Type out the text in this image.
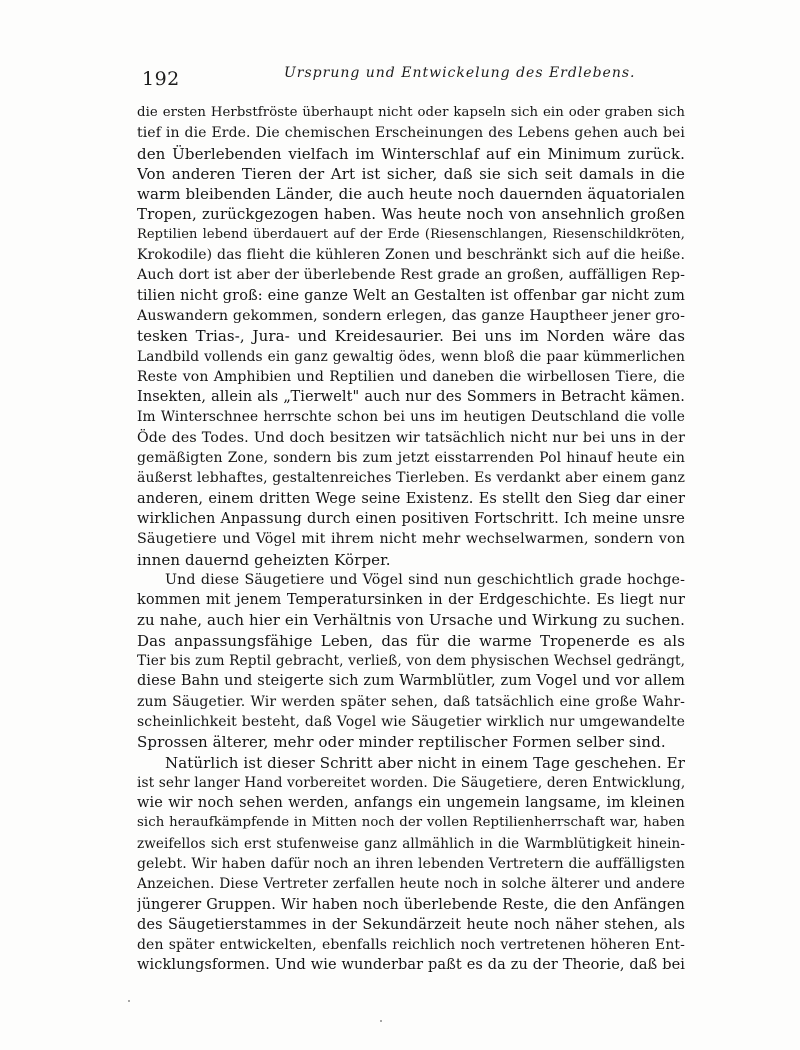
192	Ursprung und Entwickelung des Erdlebens.
die ersten Herbstfröste überhaupt nicht oder kapseln sich ein oder graben sich
tief in die Erde. Die chemischen Erscheinungen des Lebens gehen auch bei
den Überlebenden vielfach im Winterschlaf auf ein Minimum zurück.
Von anderen Tieren der Art ist sicher, daß sie sich seit damals in die
warm bleibenden Länder, die auch heute noch dauernden äquatorialen
Tropen, zurückgezogen haben. Was heute noch von ansehnlich großen
Reptilien lebend überdauert auf der Erde (Riesenschlangen, Riesenschildkröten,
Krokodile) das flieht die kühleren Zonen und beschränkt sich auf die heiße.
Auch dort ist aber der überlebende Rest grade an großen, auffälligen Rep-
tilien nicht groß: eine ganze Welt an Gestalten ist offenbar gar nicht zum
Auswandern gekommen, sondern erlegen, das ganze Hauptheer jener gro-
tesken Trias-, Jura- und Kreidesaurier. Bei uns im Norden wäre das
Landbild vollends ein ganz gewaltig ödes, wenn bloß die paar kümmerlichen
Reste von Amphibien und Reptilien und daneben die wirbellosen Tiere, die
Insekten, allein als „Tierwelt" auch nur des Sommers in Betracht kämen.
Im Winterschnee herrschte schon bei uns im heutigen Deutschland die volle
Öde des Todes. Und doch besitzen wir tatsächlich nicht nur bei uns in der
gemäßigten Zone, sondern bis zum jetzt eisstarrenden Pol hinauf heute ein
äußerst lebhaftes, gestaltenreiches Tierleben. Es verdankt aber einem ganz
anderen, einem dritten Wege seine Existenz. Es stellt den Sieg dar einer
wirklichen Anpassung durch einen positiven Fortschritt. Ich meine unsre
Säugetiere und Vögel mit ihrem nicht mehr wechselwarmen, sondern von
innen dauernd geheizten Körper.
Und diese Säugetiere und Vögel sind nun geschichtlich grade hochge-
kommen mit jenem Temperatursinken in der Erdgeschichte. Es liegt nur
zu nahe, auch hier ein Verhältnis von Ursache und Wirkung zu suchen.
Das anpassungsfähige Leben, das für die warme Tropenerde es als
Tier bis zum Reptil gebracht, verließ, von dem physischen Wechsel gedrängt,
diese Bahn und steigerte sich zum Warmblütler, zum Vogel und vor allem
zum Säugetier. Wir werden später sehen, daß tatsächlich eine große Wahr-
scheinlichkeit besteht, daß Vogel wie Säugetier wirklich nur umgewandelte
Sprossen älterer, mehr oder minder reptilischer Formen selber sind.
Natürlich ist dieser Schritt aber nicht in einem Tage geschehen. Er
ist sehr langer Hand vorbereitet worden. Die Säugetiere, deren Entwicklung,
wie wir noch sehen werden, anfangs ein ungemein langsame, im kleinen
sich heraufkämpfende in Mitten noch der vollen Reptilienherrschaft war, haben
zweifellos sich erst stufenweise ganz allmählich in die Warmblütigkeit hinein-
gelebt. Wir haben dafür noch an ihren lebenden Vertretern die auffälligsten
Anzeichen. Diese Vertreter zerfallen heute noch in solche älterer und andere
jüngerer Gruppen. Wir haben noch überlebende Reste, die den Anfängen
des Säugetierstammes in der Sekundärzeit heute noch näher stehen, als
den später entwickelten, ebenfalls reichlich noch vertretenen höheren Ent-
wicklungsformen. Und wie wunderbar paßt es da zu der Theorie, daß bei
